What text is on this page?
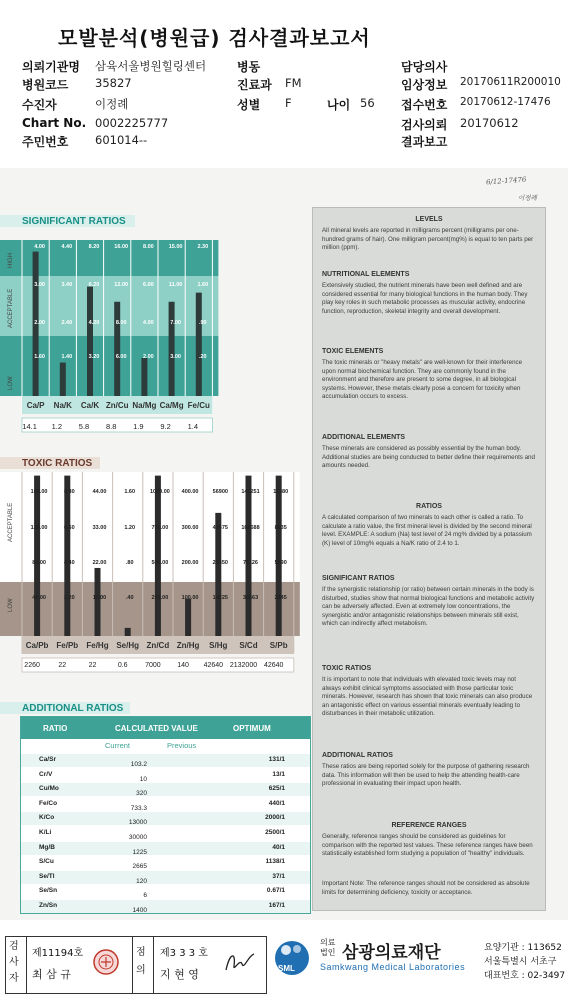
모발분석(병원급) 검사결과보고서
의뢰기관명 삼육서울병원힐링센터
병원코드 35827
수진자	이정례
Chart No. 0002225777
주민번호 601014--
병동
진료과 FM
성별 F	나이 56
담당의사
임상정보 20170611R200010
접수번호 20170612-17476
검사의뢰 20170612
결과보고
6/12-17476
이정례
SIGNIFICANT RATIOS
4.00
3.00
2.00
1.60
Ca/P
14.1
4.40
3.40
2.40
1.40
Na/K
1.2
8.20
6.20
4.20
3.20
Ca/K
5.8
16.00
12.00
8.00
6.00
Zn/Cu
8.8
8.00
6.00
4.00
2.00
Na/Mg
1.9
15.00
11.00
7.00
3.00
Ca/Mg
9.2
2.30
1.60
.90
.20
Fe/Cu
1.4
HIGH
ACCEPTABLE
LOW
TOXIC RATIOS
168.00
126.00
84.00
42.00
Ca/Pb
2260
8.80
6.60
4.40
2.20
Fe/Pb
22
44.00
33.00
22.00
11.00
Fe/Hg
22
1.60
1.20
.80
.40
Se/Hg
0.6
1000.00
750.00
500.00
250.00
Zn/Cd
7000
400.00
300.00
200.00
100.00
Zn/Hg
140
56900
42675
28450
14225
S/Hg
42640
142251
106688
71126
35563
S/Cd
2132000
11380
8535
5690
2845
S/Pb
42640
ACCEPTABLE
LOW
ADDITIONAL RATIOS
RATIO	CALCULATED VALUE	OPTIMUM
Current	Previous
Ca/Sr
103.2
131/1
Cr/V
10
13/1
Cu/Mo
320
625/1
Fe/Co
733.3
440/1
K/Co
13000
2000/1
K/Li
30000
2500/1
Mg/B
1225
40/1
S/Cu
2665
1138/1
Se/Tl
120
37/1
Se/Sn
6
0.67/1
Zn/Sn
1400
167/1
LEVELS
All mineral levels are reported in milligrams percent (milligrams per one-hundred grams of hair). One milligram percent(mg%) is equal to ten parts per million (ppm).
NUTRITIONAL ELEMENTS
Extensively studied, the nutrient minerals have been well defined and are considered essential for many biological functions in the human body. They play key roles in such metabolic processes as muscular activity, endocrine function, reproduction, skeletal integrity and overall development.
TOXIC ELEMENTS
The toxic minerals or "heavy metals" are well-known for their interference upon normal biochemical function. They are commonly found in the environment and therefore are present to some degree, in all biological systems. However, these metals clearly pose a concern for toxicity when accumulation occurs to excess.
ADDITIONAL ELEMENTS
These minerals are considered as possibly essential by the human body. Additional studies are being conducted to better define their requirements and amounts needed.
RATIOS
A calculated comparison of two minerals to each other is called a ratio. To calculate a ratio value, the first mineral level is divided by the second mineral level. EXAMPLE: A sodium (Na) test level of 24 mg% divided by a potassium (K) level of 10mg% equals a Na/K ratio of 2.4 to 1.
SIGNIFICANT RATIOS
If the synergistic relationship (or ratio) between certain minerals in the body is disturbed, studies show that normal biological functions and metabolic activity can be adversely affected. Even at extremely low concentrations, the synergistic and/or antagonistic relationships between minerals still exist, which can indirectly affect metabolism.
TOXIC RATIOS
It is important to note that individuals with elevated toxic levels may not always exhibit clinical symptoms associated with those particular toxic minerals. However, research has shown that toxic minerals can also produce an antagonistic effect on various essential minerals eventually leading to disturbances in their metabolic utilization.
ADDITIONAL RATIOS
These ratios are being reported solely for the purpose of gathering research data. This information will then be used to help the attending health-care professional in evaluating their impact upon health.
REFERENCE RANGES
Generally, reference ranges should be considered as guidelines for comparison with the reported test values. These reference ranges have been statistically established form studying a population of "healthy" individuals.
Important Note: The reference ranges should not be considered as absolute limits for determining deficiency, toxicity or acceptance.
검사자
제11194호
최 삼 규
점의
제3 3 3 호
지 현 영	SML
의료법인 삼광의료재단
Samkwang Medical Laboratories
요양기관 : 113652
서울특별시 서초구
대표번호 : 02-3497
